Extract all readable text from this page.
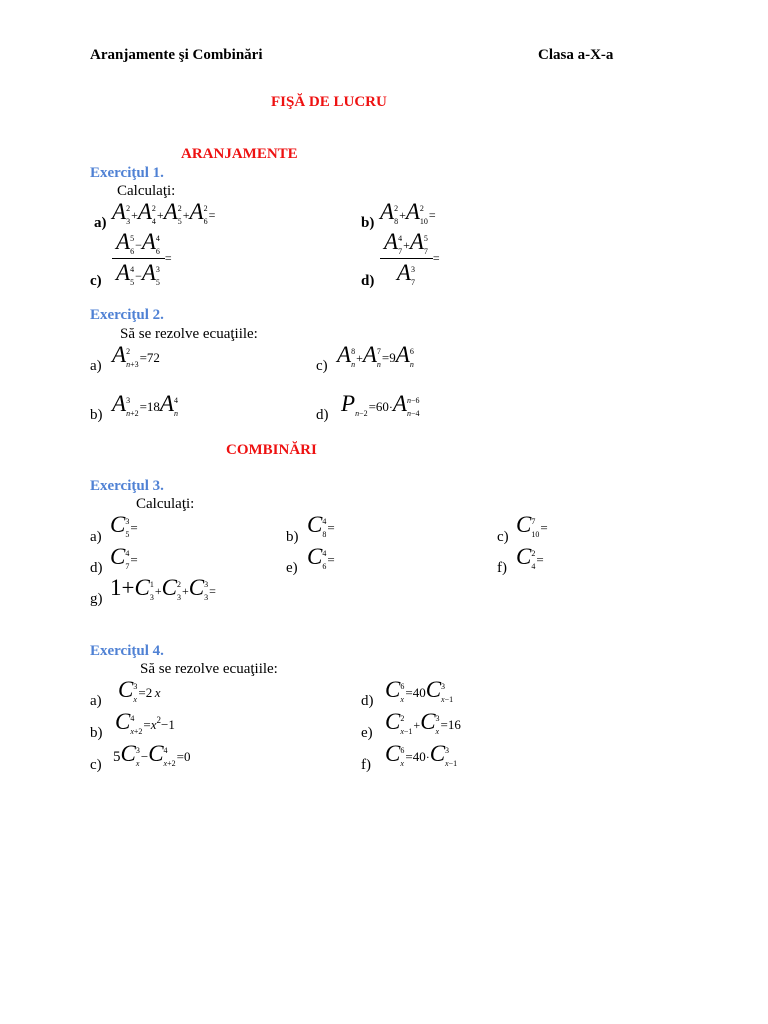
Aranjamente şi Combinări	Clasa a-X-a
FIŞĂ DE LUCRU
ARANJAMENTE
Exerciţul 1.
Calculaţi:
a) A 2
3 +A 2
4 +A 2
5 +A 2
6 =	b) A 2
8 +A 2
10 =
c) A 5
6 −A 4
6
A 4
5 −A 3
5 =
d) A 4
7 +A 5
7
A 3
7 =
Exerciţul 2.
Să se rezolve ecuaţiile:
a) A 2
n+3 =72
c) A 8
n +A 7
n =9A 6
n
b) A 3
n+2 =18A 4
n	d) P
n−2 =60·A n−6
n−4
COMBINĂRI
Exerciţul 3.
Calculaţi:
a) C 3
5 =
b) C 4
8 =
c) C 7
10 =
d) C 4
7 =
e) C 4
6 =
f) C 2
4 =
g) 1+C 1
3 +C 2
3 +C 3
3 =
Exerciţul 4.
Să se rezolve ecuaţiile:
a) C 3
x =2 x
d) C 6
x =40C 3
x−1
b) C 4
$x+2 =x^2-1$
e) C 2
x−1 +C 3
x =16
c) 5C 3
x −C 4
x+2 =0
f) C 6
x =40·C 3
x−1
